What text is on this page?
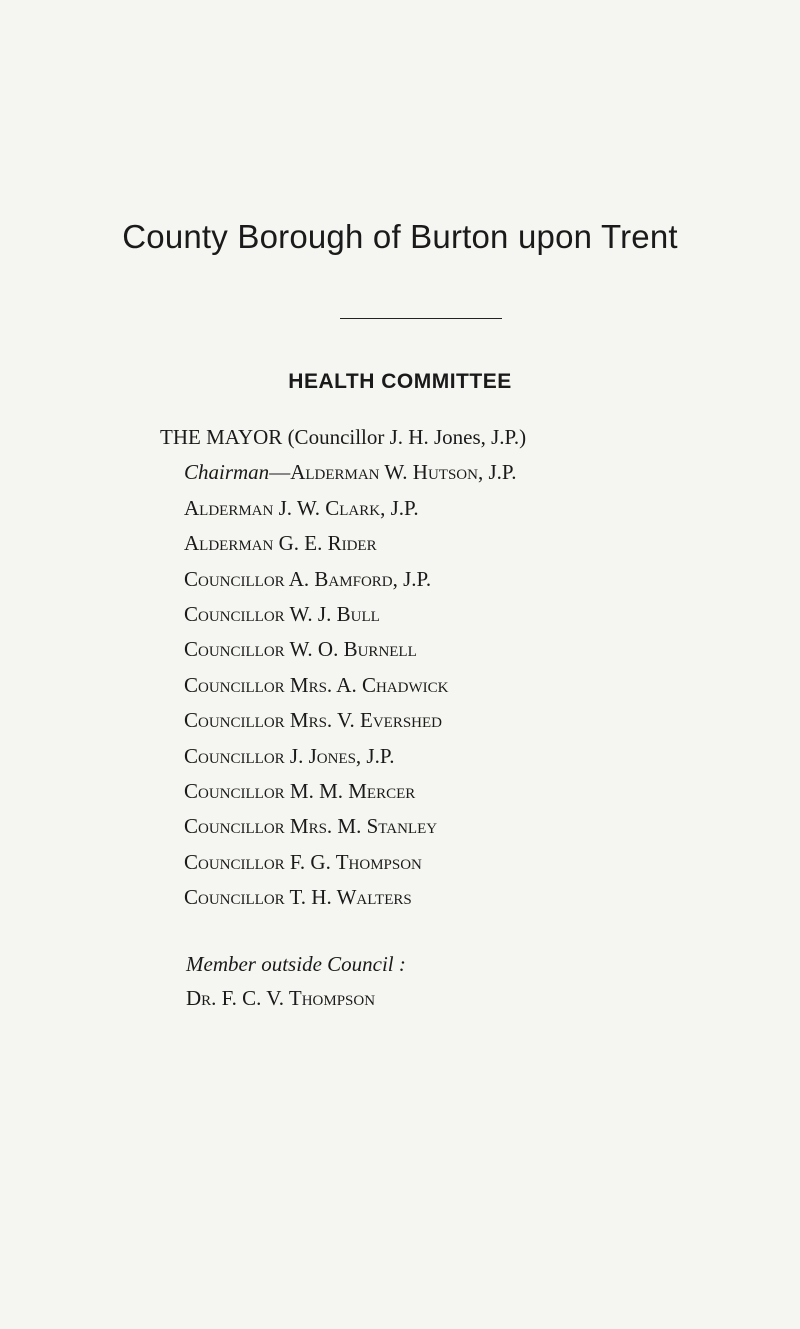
County Borough of Burton upon Trent
HEALTH COMMITTEE
THE MAYOR (Councillor J. H. Jones, J.P.)
Chairman—Alderman W. Hutson, J.P.
Alderman J. W. Clark, J.P.
Alderman G. E. Rider
Councillor A. Bamford, J.P.
Councillor W. J. Bull
Councillor W. O. Burnell
Councillor Mrs. A. Chadwick
Councillor Mrs. V. Evershed
Councillor J. Jones, J.P.
Councillor M. M. Mercer
Councillor Mrs. M. Stanley
Councillor F. G. Thompson
Councillor T. H. Walters
Member outside Council :
Dr. F. C. V. Thompson
